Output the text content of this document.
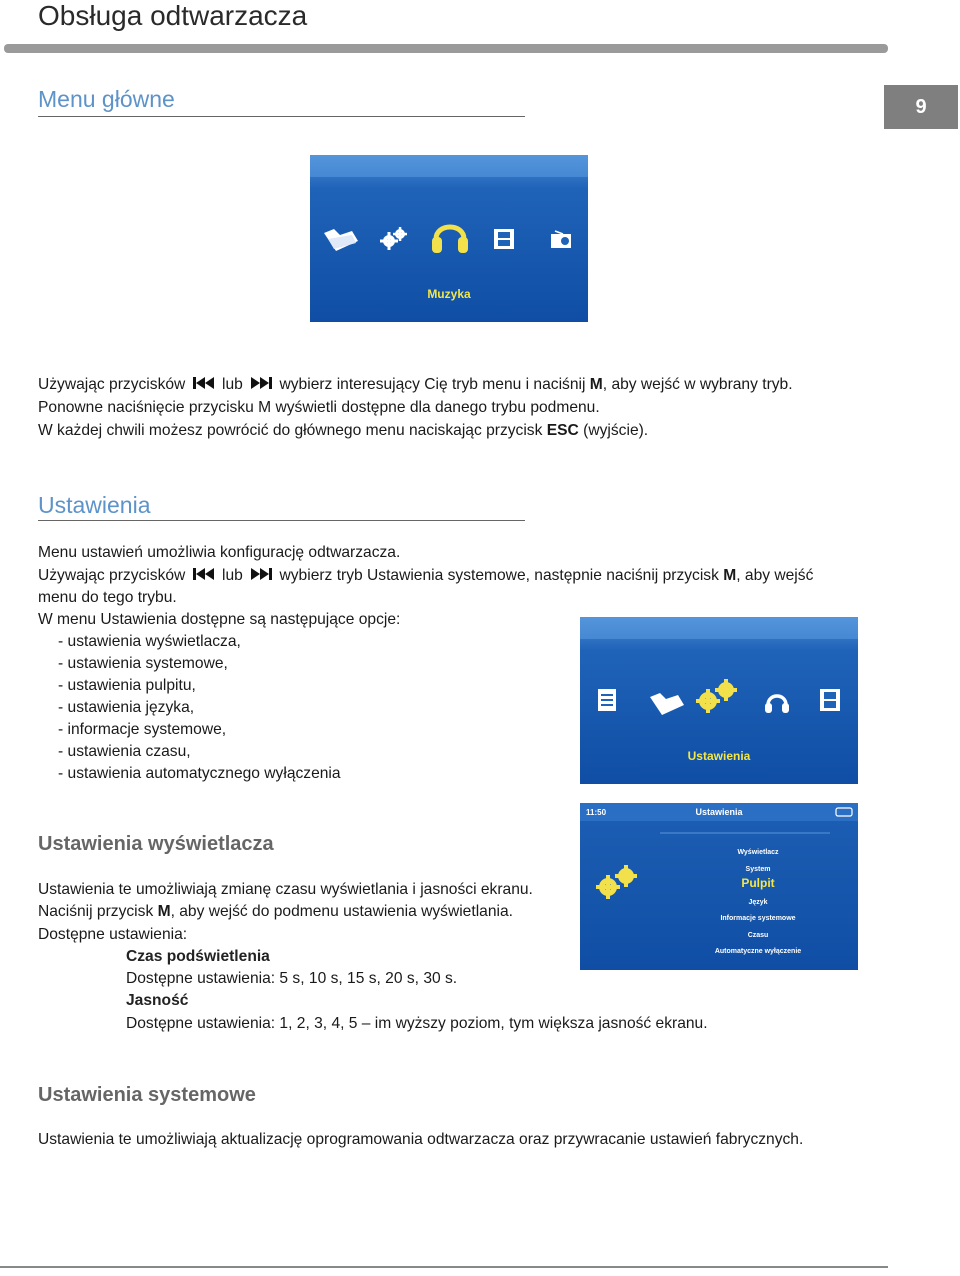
Obsługa odtwarzacza
9
Menu główne
Muzyka
Używając przycisków lub wybierz interesujący Cię tryb menu i naciśnij M, aby wejść w wybrany tryb.
Ponowne naciśnięcie przycisku M wyświetli dostępne dla danego trybu podmenu.
W każdej chwili możesz powrócić do głównego menu naciskając przycisk ESC (wyjście).
Ustawienia
Menu ustawień umożliwia konfigurację odtwarzacza.
Używając przycisków lub wybierz tryb Ustawienia systemowe, następnie naciśnij przycisk M, aby wejść
menu do tego trybu.
W menu Ustawienia dostępne są następujące opcje:
- ustawienia wyświetlacza,
- ustawienia systemowe,
- ustawienia pulpitu,
- ustawienia języka,
- informacje systemowe,
- ustawienia czasu,
- ustawienia automatycznego wyłączenia
Ustawienia
Ustawienia wyświetlacza
11:50	Ustawienia
Wyświetlacz
System
Pulpit
Język
Informacje systemowe
Czasu
Automatyczne wyłączenie
Ustawienia te umożliwiają zmianę czasu wyświetlania i jasności ekranu.
Naciśnij przycisk M, aby wejść do podmenu ustawienia wyświetlania.
Dostępne ustawienia:
Czas podświetlenia
Dostępne ustawienia: 5 s, 10 s, 15 s, 20 s, 30 s.
Jasność
Dostępne ustawienia: 1, 2, 3, 4, 5 – im wyższy poziom, tym większa jasność ekranu.
Ustawienia systemowe
Ustawienia te umożliwiają aktualizację oprogramowania odtwarzacza oraz przywracanie ustawień fabrycznych.
